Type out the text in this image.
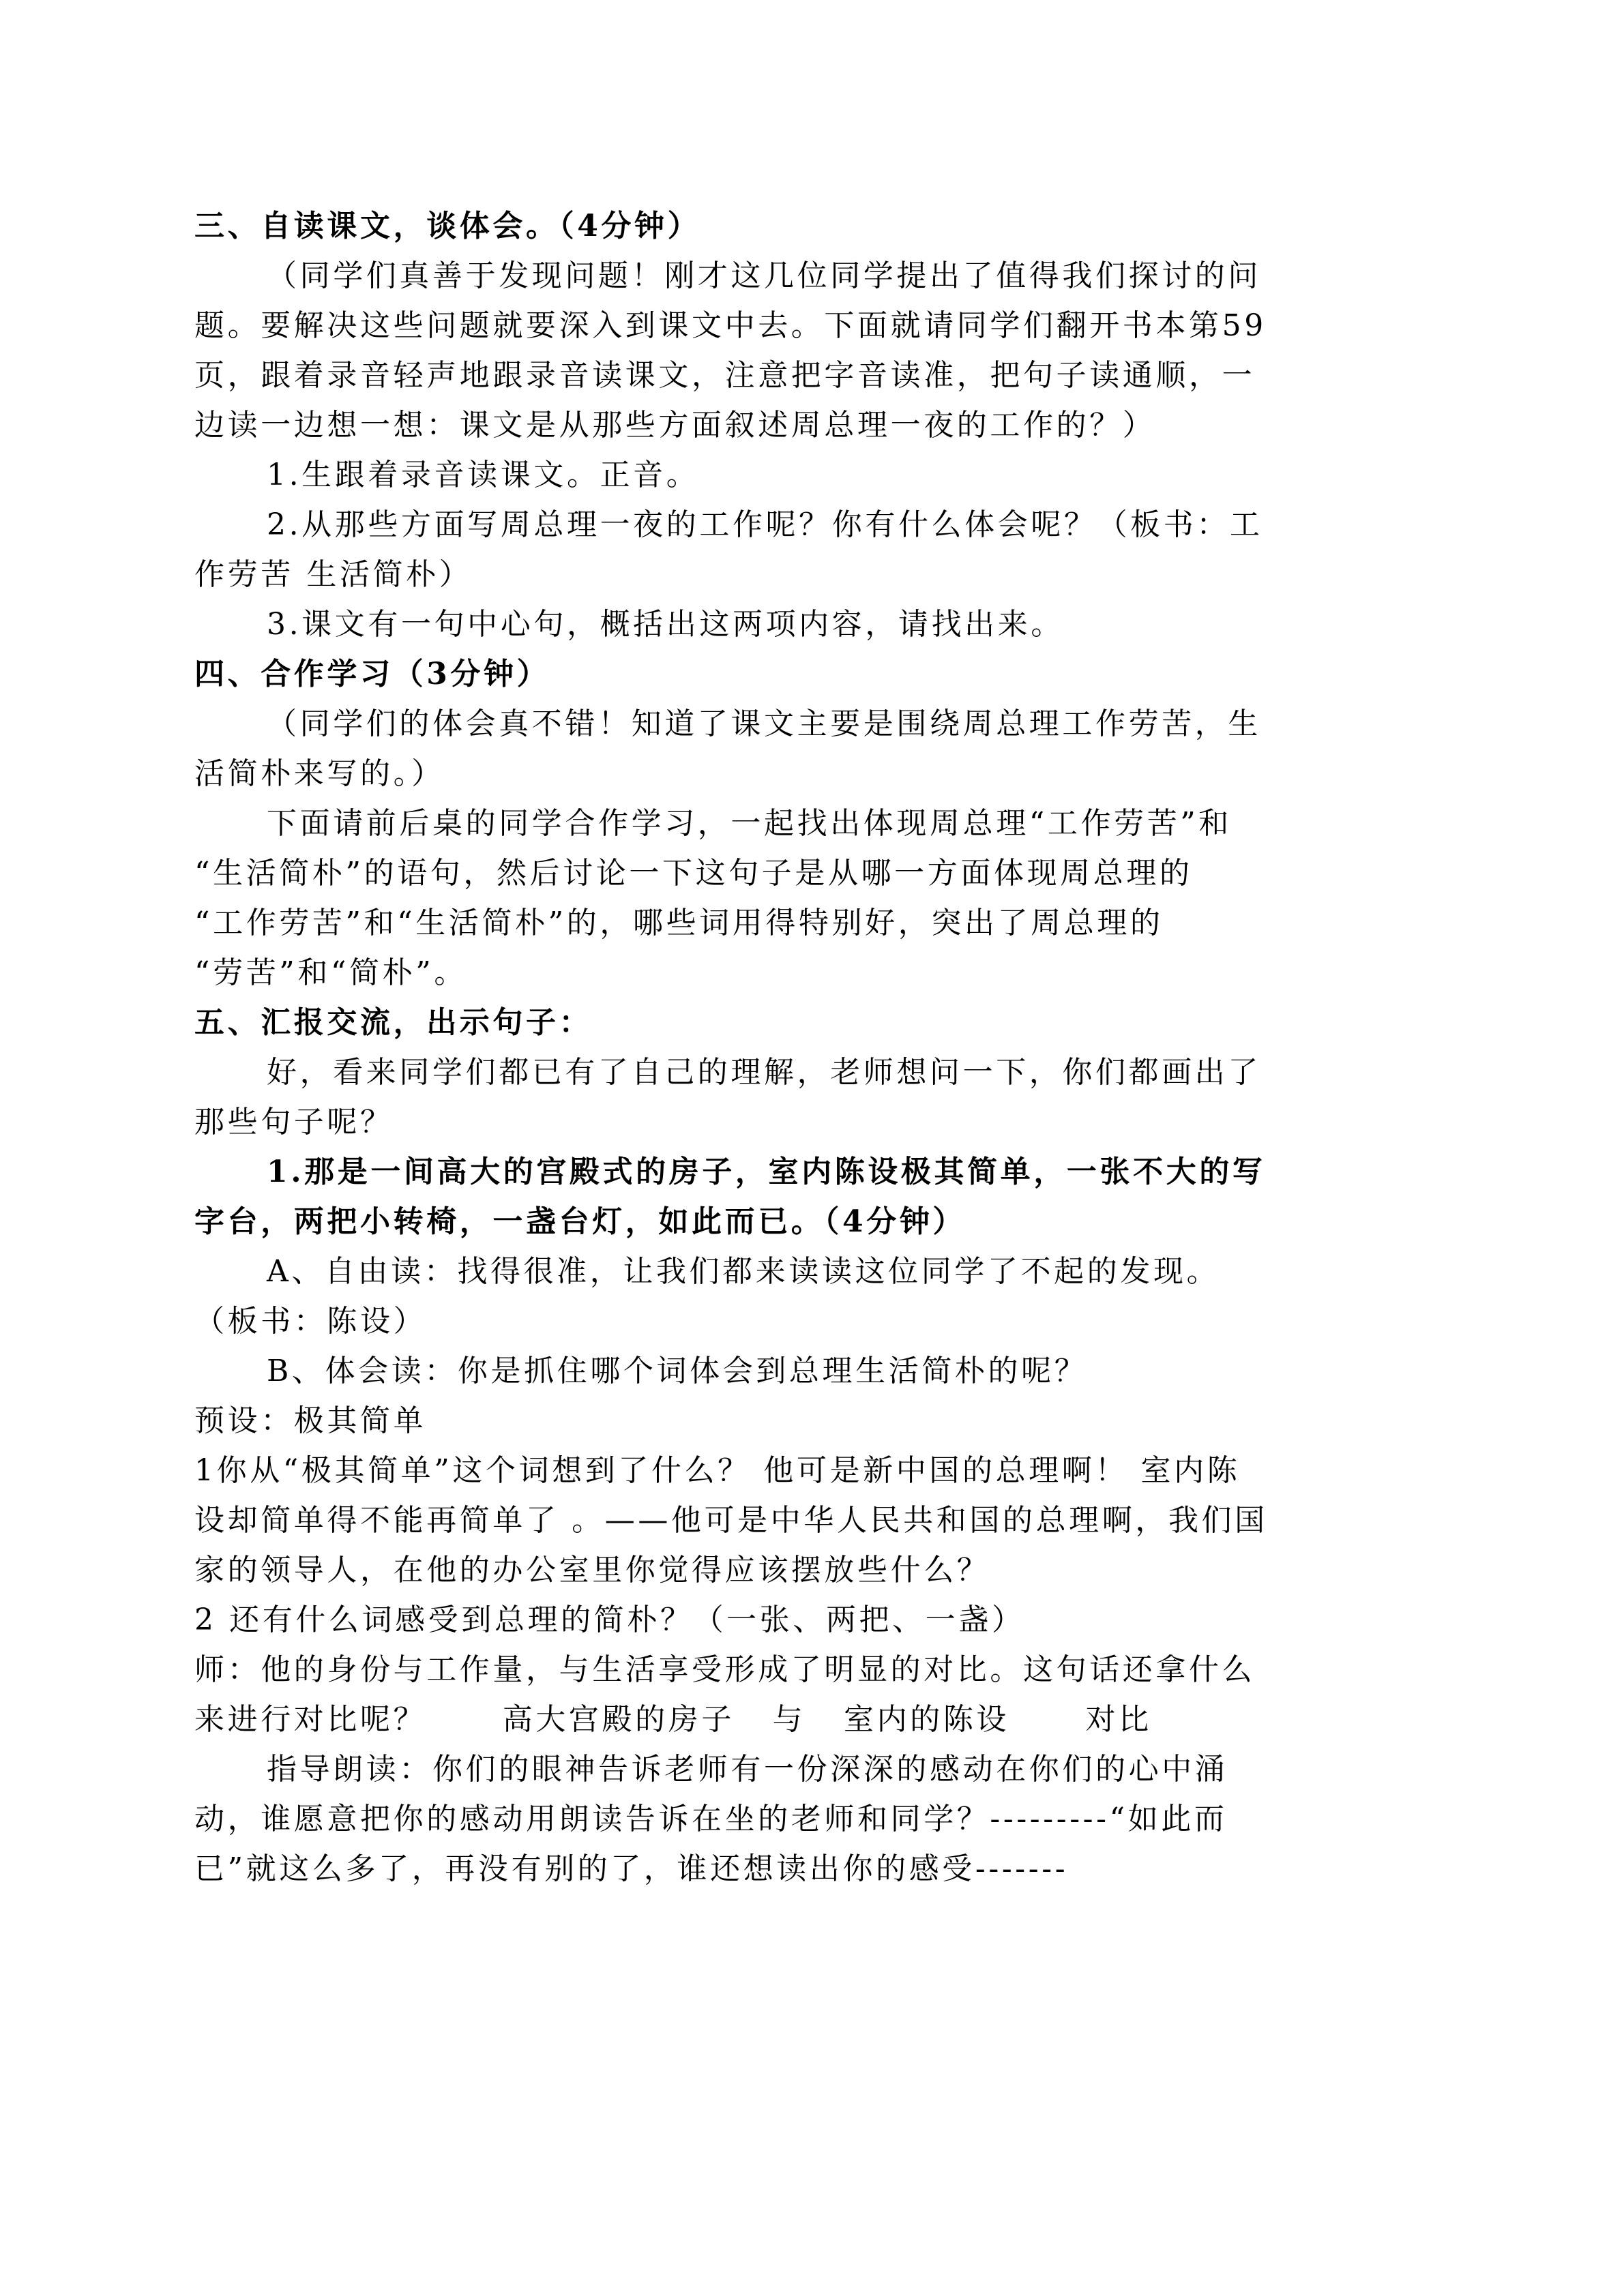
三、自读课文，谈体会。（4分钟）
（同学们真善于发现问题！刚才这几位同学提出了值得我们探讨的问
题。要解决这些问题就要深入到课文中去。下面就请同学们翻开书本第59
页，跟着录音轻声地跟录音读课文，注意把字音读准，把句子读通顺，一
边读一边想一想：课文是从那些方面叙述周总理一夜的工作的？）
1.生跟着录音读课文。正音。
2.从那些方面写周总理一夜的工作呢？你有什么体会呢？（板书：工
作劳苦 生活简朴）
3.课文有一句中心句，概括出这两项内容，请找出来。
四、合作学习（3分钟）
（同学们的体会真不错！知道了课文主要是围绕周总理工作劳苦，生
活简朴来写的。）
下面请前后桌的同学合作学习，一起找出体现周总理“工作劳苦”和
“生活简朴”的语句，然后讨论一下这句子是从哪一方面体现周总理的
“工作劳苦”和“生活简朴”的，哪些词用得特别好，突出了周总理的
“劳苦”和“简朴”。
五、汇报交流，出示句子：
好，看来同学们都已有了自己的理解，老师想问一下，你们都画出了
那些句子呢？
1.那是一间高大的宫殿式的房子，室内陈设极其简单，一张不大的写
字台，两把小转椅，一盏台灯，如此而已。（4分钟）
A、自由读：找得很准，让我们都来读读这位同学了不起的发现。
（板书：陈设）
B、体会读：你是抓住哪个词体会到总理生活简朴的呢？
预设：极其简单
1你从“极其简单”这个词想到了什么？ 他可是新中国的总理啊！ 室内陈
设却简单得不能再简单了 。——他可是中华人民共和国的总理啊，我们国
家的领导人，在他的办公室里你觉得应该摆放些什么？
2 还有什么词感受到总理的简朴？（一张、两把、一盏）
师：他的身份与工作量，与生活享受形成了明显的对比。这句话还拿什么
来进行对比呢？      高大宫殿的房子   与   室内的陈设      对比
指导朗读：你们的眼神告诉老师有一份深深的感动在你们的心中涌
动，谁愿意把你的感动用朗读告诉在坐的老师和同学？---------“如此而
已”就这么多了，再没有别的了，谁还想读出你的感受-------
